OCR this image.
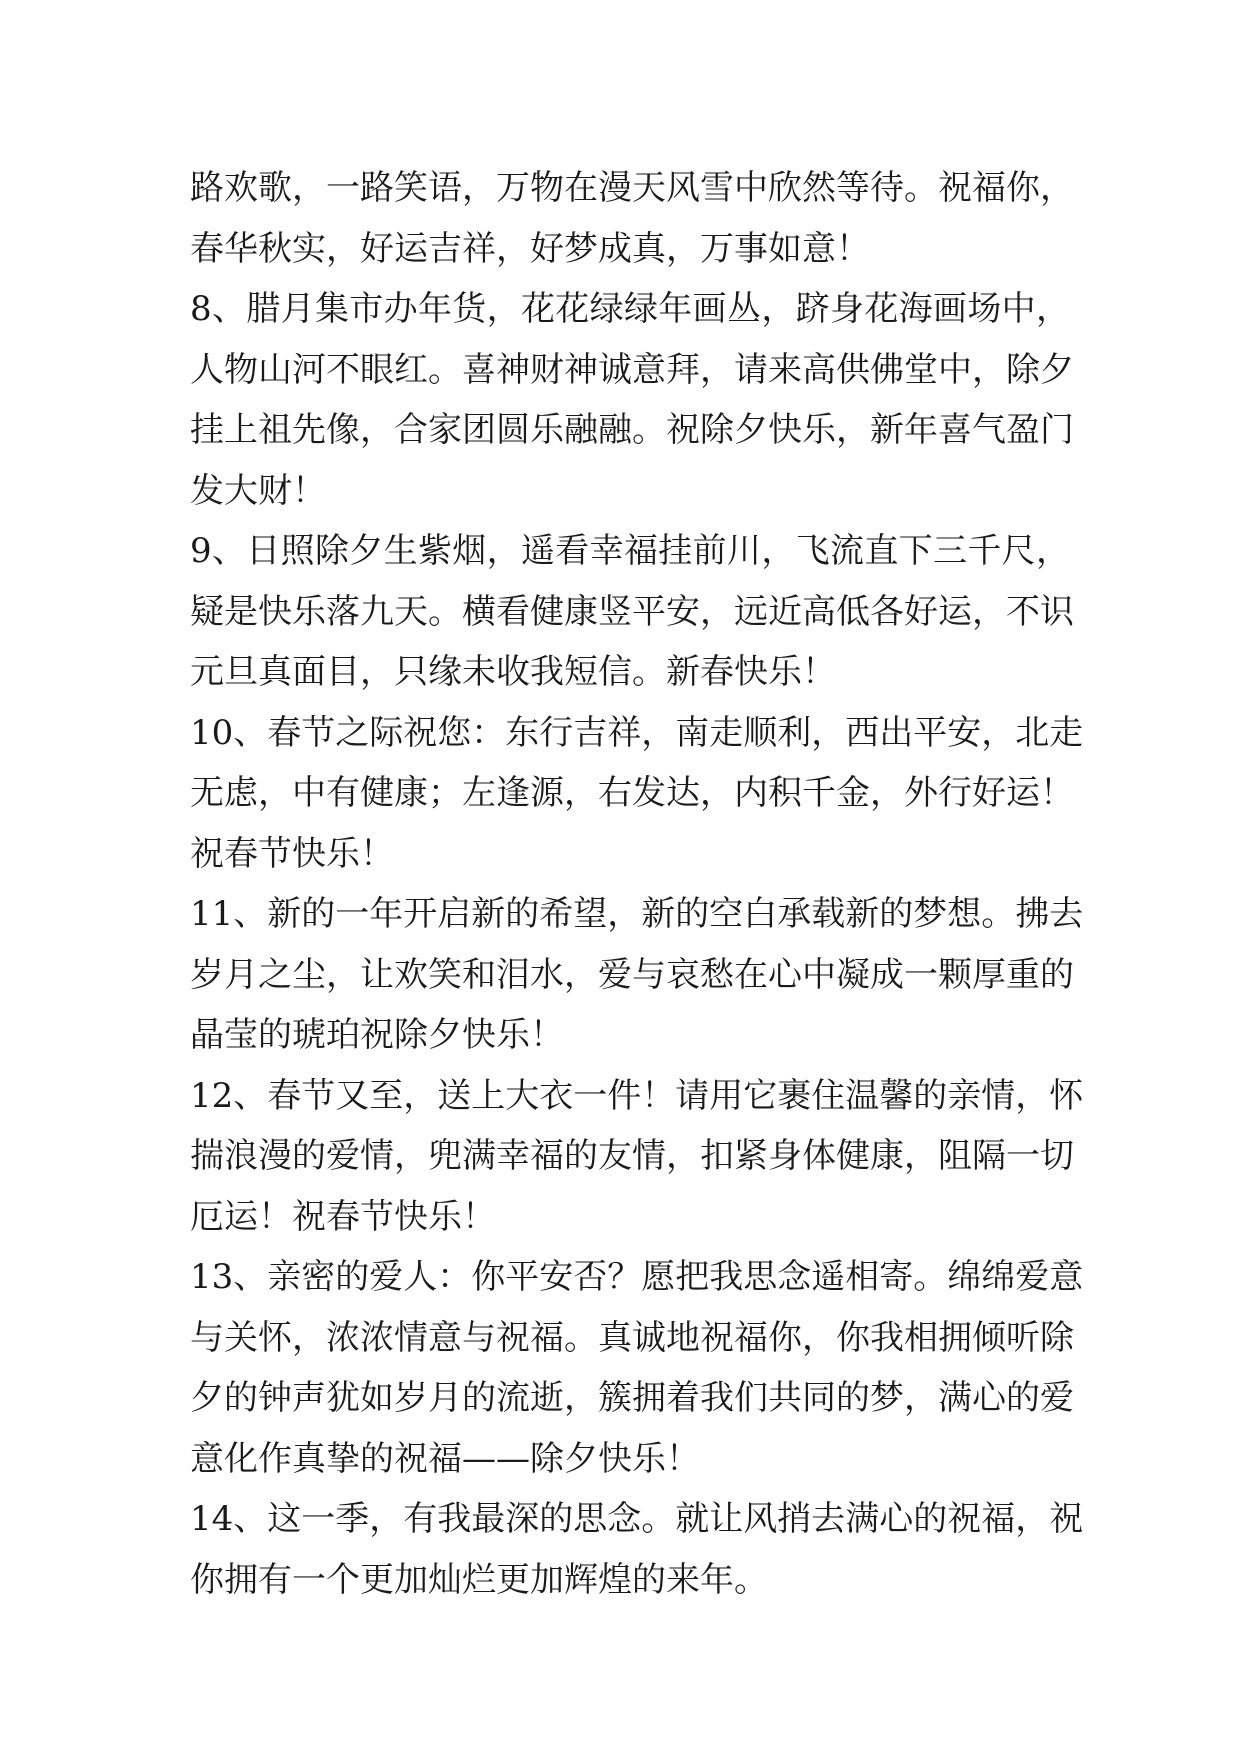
路欢歌，一路笑语，万物在漫天风雪中欣然等待。祝福你，
春华秋实，好运吉祥，好梦成真，万事如意！
8、腊月集市办年货，花花绿绿年画丛，跻身花海画场中，
人物山河不眼红。喜神财神诚意拜，请来高供佛堂中，除夕
挂上祖先像，合家团圆乐融融。祝除夕快乐，新年喜气盈门
发大财！
9、日照除夕生紫烟，遥看幸福挂前川，飞流直下三千尺，
疑是快乐落九天。横看健康竖平安，远近高低各好运，不识
元旦真面目，只缘未收我短信。新春快乐！
10、春节之际祝您：东行吉祥，南走顺利，西出平安，北走
无虑，中有健康；左逢源，右发达，内积千金，外行好运！
祝春节快乐！
11、新的一年开启新的希望，新的空白承载新的梦想。拂去
岁月之尘，让欢笑和泪水，爱与哀愁在心中凝成一颗厚重的
晶莹的琥珀祝除夕快乐！
12、春节又至，送上大衣一件！请用它裹住温馨的亲情，怀
揣浪漫的爱情，兜满幸福的友情，扣紧身体健康，阻隔一切
厄运！祝春节快乐！
13、亲密的爱人：你平安否？愿把我思念遥相寄。绵绵爱意
与关怀，浓浓情意与祝福。真诚地祝福你，你我相拥倾听除
夕的钟声犹如岁月的流逝，簇拥着我们共同的梦，满心的爱
意化作真挚的祝福——除夕快乐！
14、这一季，有我最深的思念。就让风捎去满心的祝福，祝
你拥有一个更加灿烂更加辉煌的来年。
